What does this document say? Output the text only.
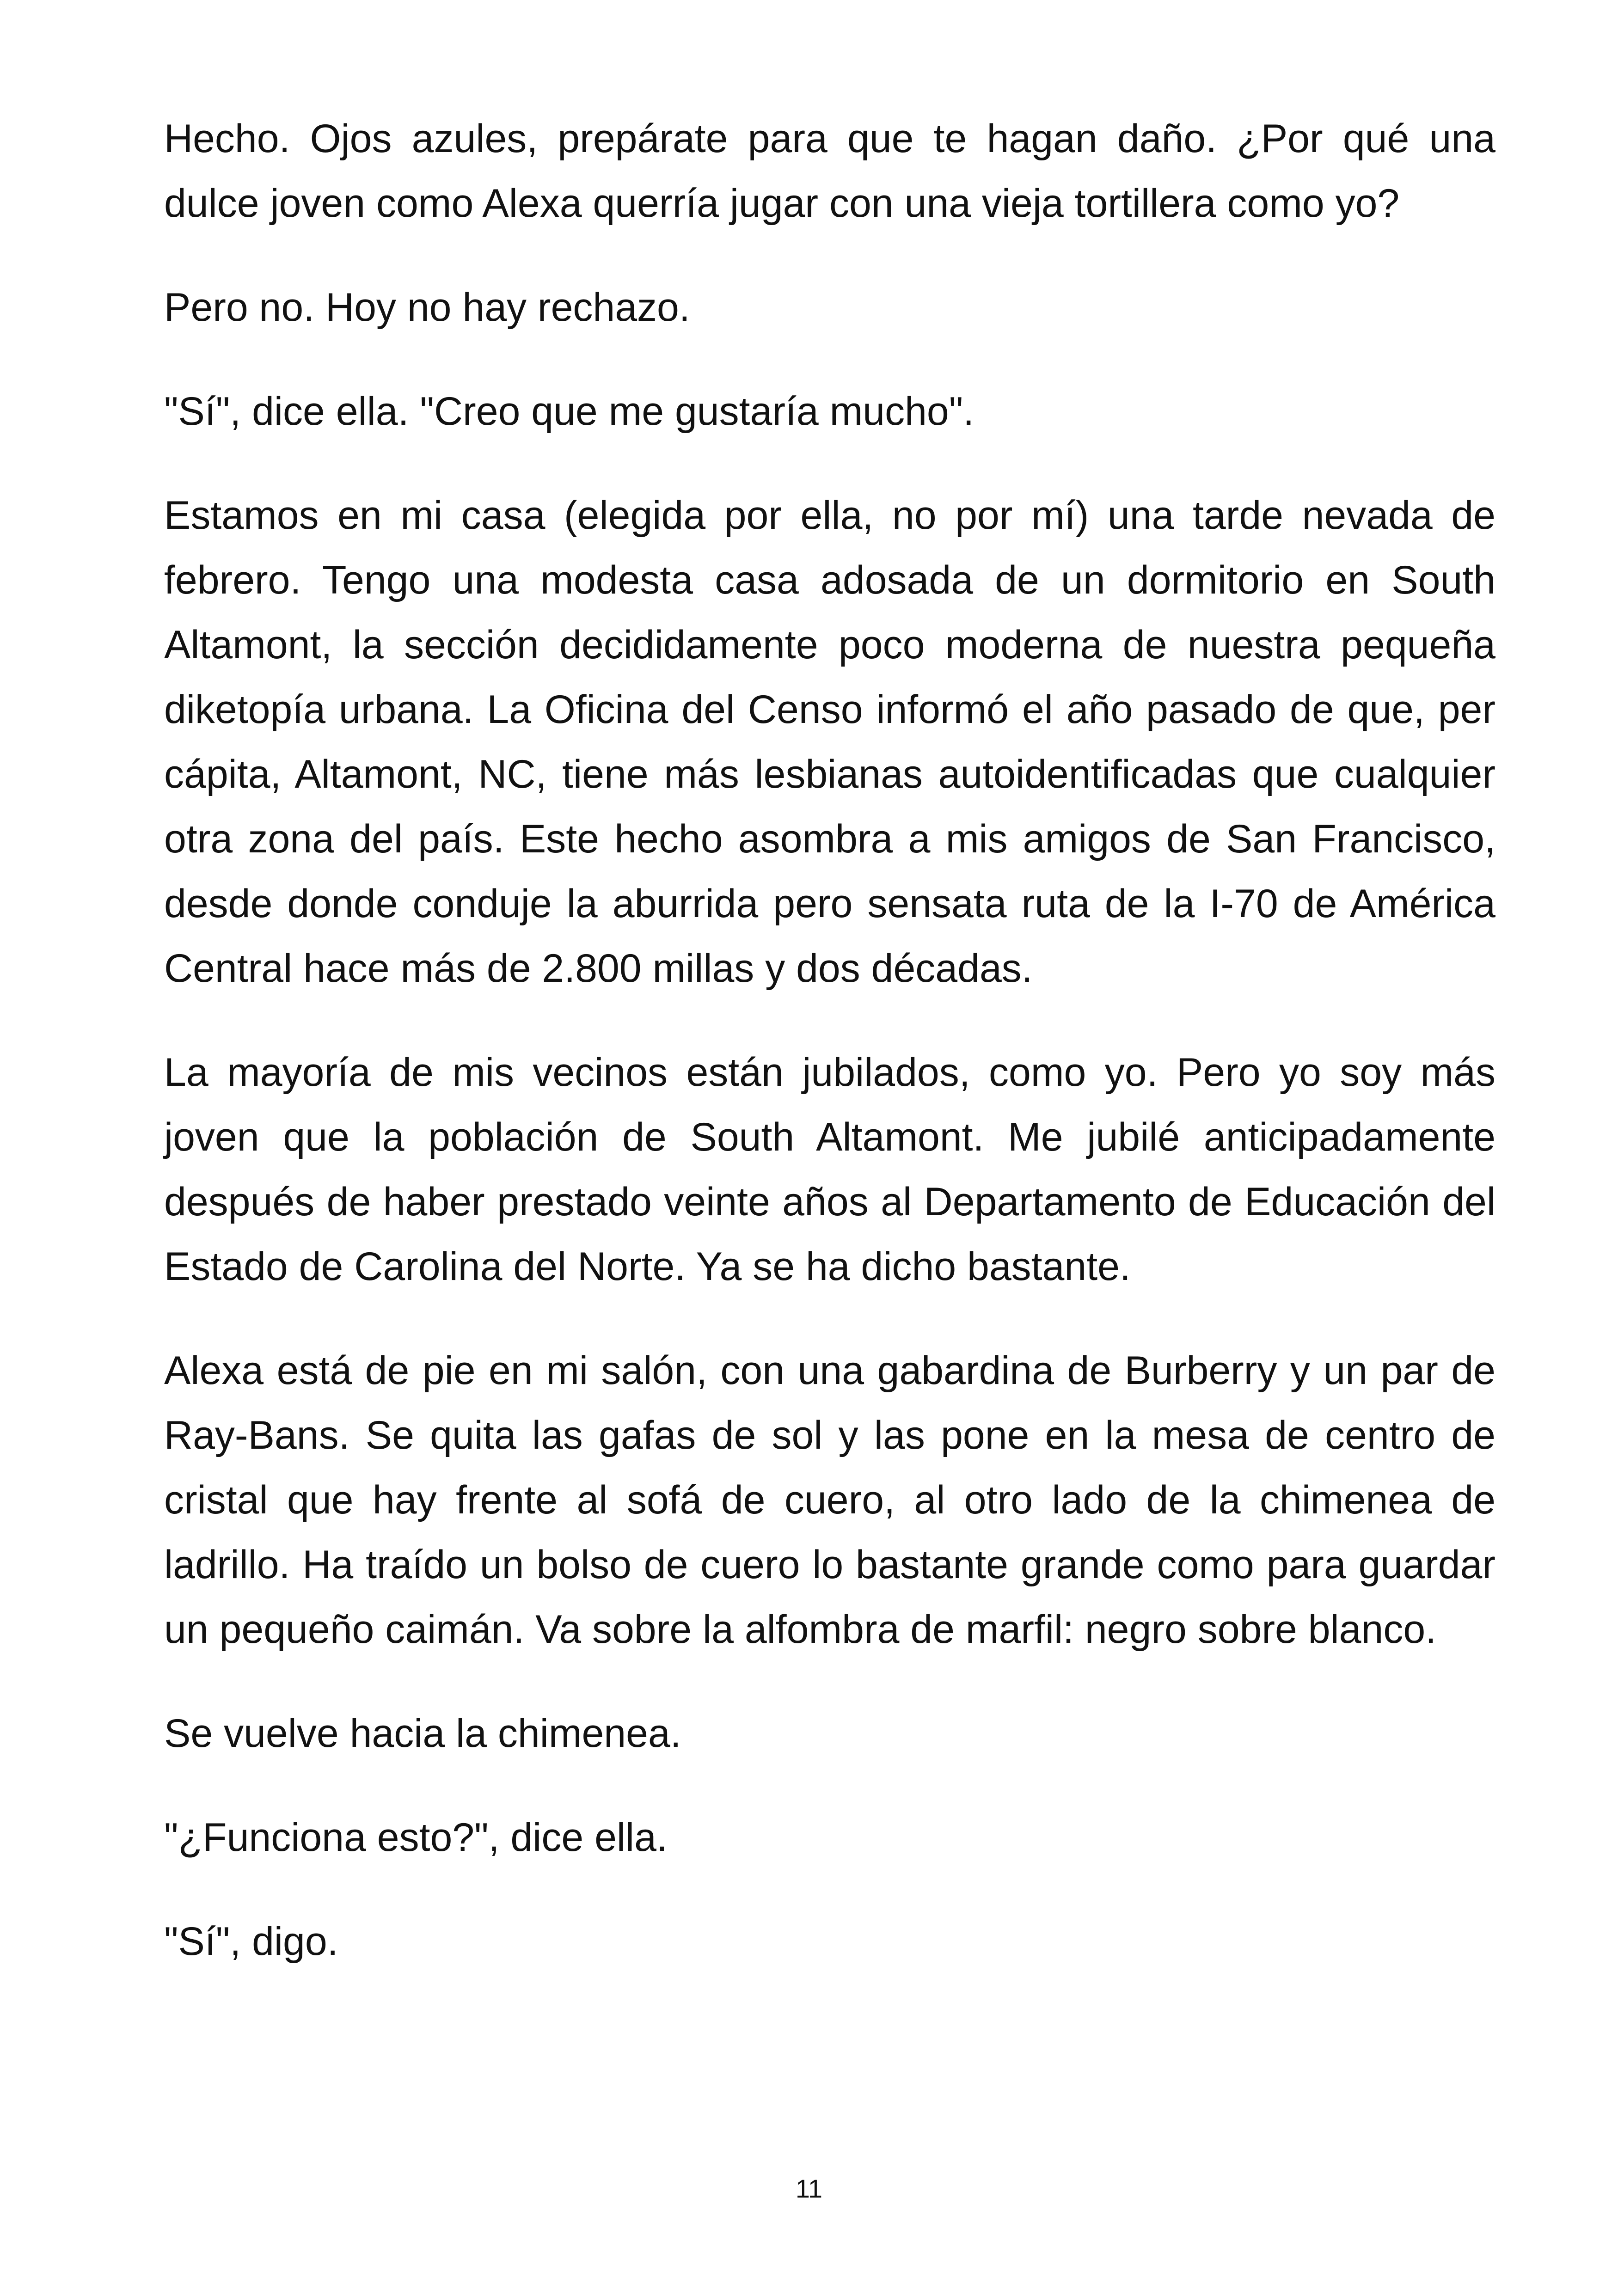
Hecho. Ojos azules, prepárate para que te hagan daño. ¿Por qué una dulce joven como Alexa querría jugar con una vieja tortillera como yo?

Pero no. Hoy no hay rechazo.

"Sí", dice ella. "Creo que me gustaría mucho".

Estamos en mi casa (elegida por ella, no por mí) una tarde nevada de febrero. Tengo una modesta casa adosada de un dormitorio en South Altamont, la sección decididamente poco moderna de nuestra pequeña diketopía urbana. La Oficina del Censo informó el año pasado de que, per cápita, Altamont, NC, tiene más lesbianas autoidentificadas que cualquier otra zona del país. Este hecho asombra a mis amigos de San Francisco, desde donde conduje la aburrida pero sensata ruta de la I-70 de América Central hace más de 2.800 millas y dos décadas.

La mayoría de mis vecinos están jubilados, como yo. Pero yo soy más joven que la población de South Altamont. Me jubilé anticipadamente después de haber prestado veinte años al Departamento de Educación del Estado de Carolina del Norte. Ya se ha dicho bastante.

Alexa está de pie en mi salón, con una gabardina de Burberry y un par de Ray-Bans. Se quita las gafas de sol y las pone en la mesa de centro de cristal que hay frente al sofá de cuero, al otro lado de la chimenea de ladrillo. Ha traído un bolso de cuero lo bastante grande como para guardar un pequeño caimán. Va sobre la alfombra de marfil: negro sobre blanco.

Se vuelve hacia la chimenea.

"¿Funciona esto?", dice ella.

"Sí", digo.

11
